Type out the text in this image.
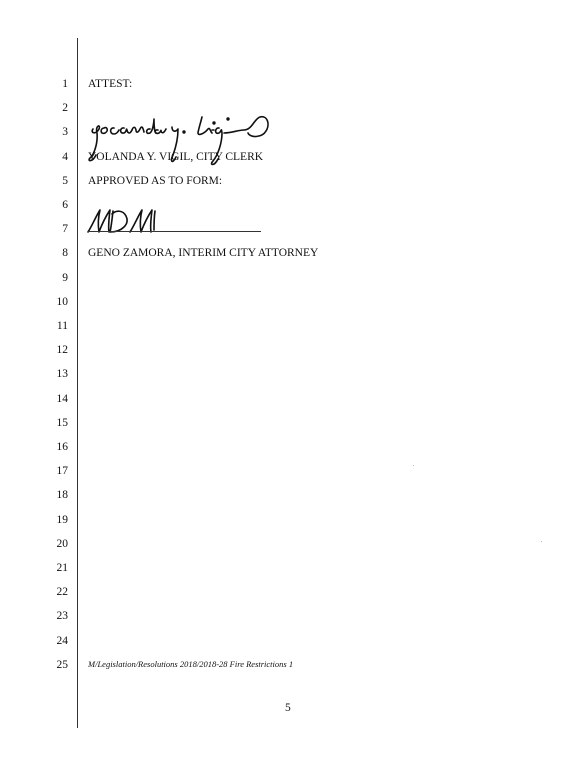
1
2
3
4
5
6
7
8
9
10
11
12
13
14
15
16
17
18
19
20
21
22
23
24
25
ATTEST:
YOLANDA Y. VIGIL, CITY CLERK
APPROVED AS TO FORM:
GENO ZAMORA, INTERIM CITY ATTORNEY
M/Legislation/Resolutions 2018/2018-28 Fire Restrictions 1
5
